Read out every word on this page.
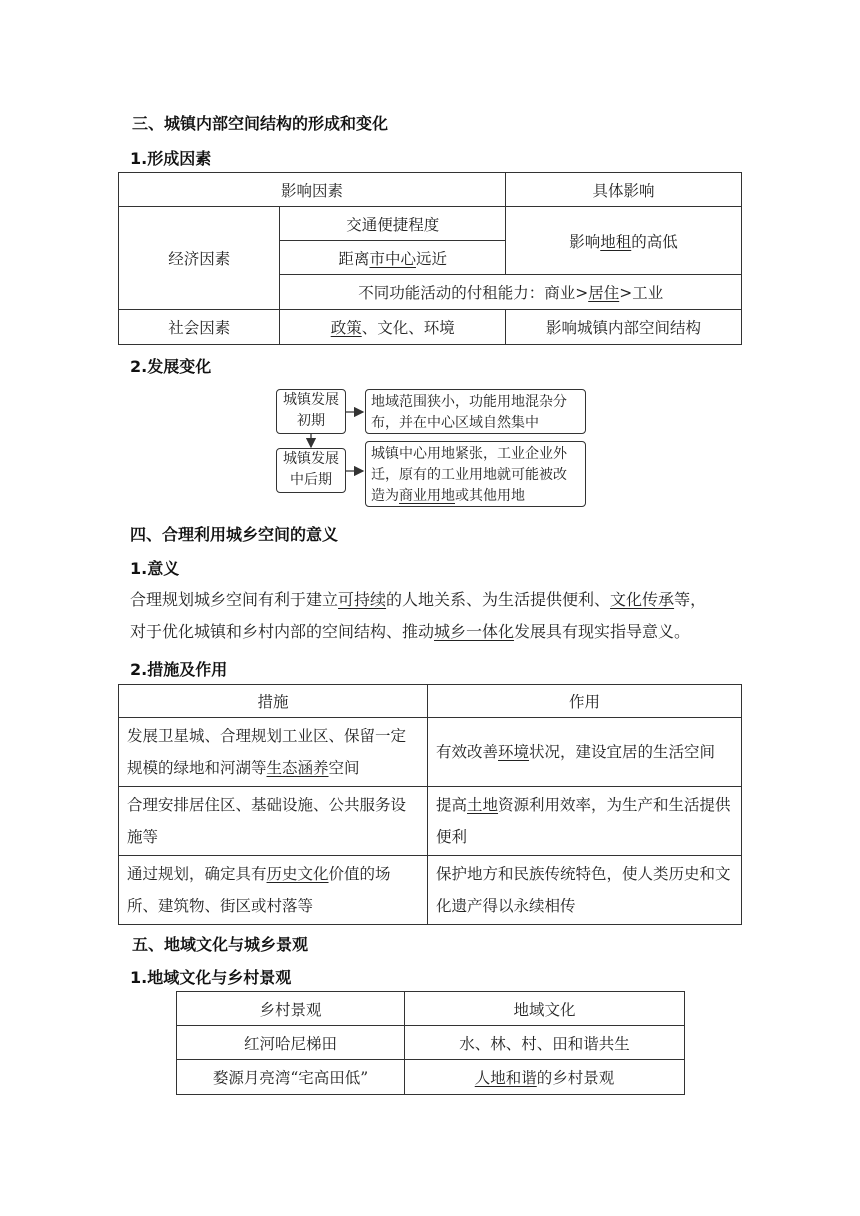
三、城镇内部空间结构的形成和变化
1.形成因素
影响因素		具体影响
经济因素	交通便捷程度	影响地租的高低
	距离市中心远近	
	不同功能活动的付租能力：商业>居住>工业	
社会因素	政策、文化、环境	影响城镇内部空间结构
2.发展变化
城镇发展
初期
地域范围狭小，功能用地混杂分
布，并在中心区域自然集中
城镇发展
中后期
城镇中心用地紧张，工业企业外
迁，原有的工业用地就可能被改
造为商业用地或其他用地
四、合理利用城乡空间的意义
1.意义
合理规划城乡空间有利于建立可持续的人地关系、为生活提供便利、文化传承等，
对于优化城镇和乡村内部的空间结构、推动城乡一体化发展具有现实指导意义。
2.措施及作用
措施	作用
发展卫星城、合理规划工业区、保留一定规模的绿地和河湖等生态涵养空间	有效改善环境状况，建设宜居的生活空间
合理安排居住区、基础设施、公共服务设施等	提高土地资源利用效率，为生产和生活提供便利
通过规划，确定具有历史文化价值的场所、建筑物、街区或村落等	保护地方和民族传统特色，使人类历史和文化遗产得以永续相传
五、地域文化与城乡景观
1.地域文化与乡村景观
乡村景观	地域文化
红河哈尼梯田	水、林、村、田和谐共生
婺源月亮湾“宅高田低”	人地和谐的乡村景观
